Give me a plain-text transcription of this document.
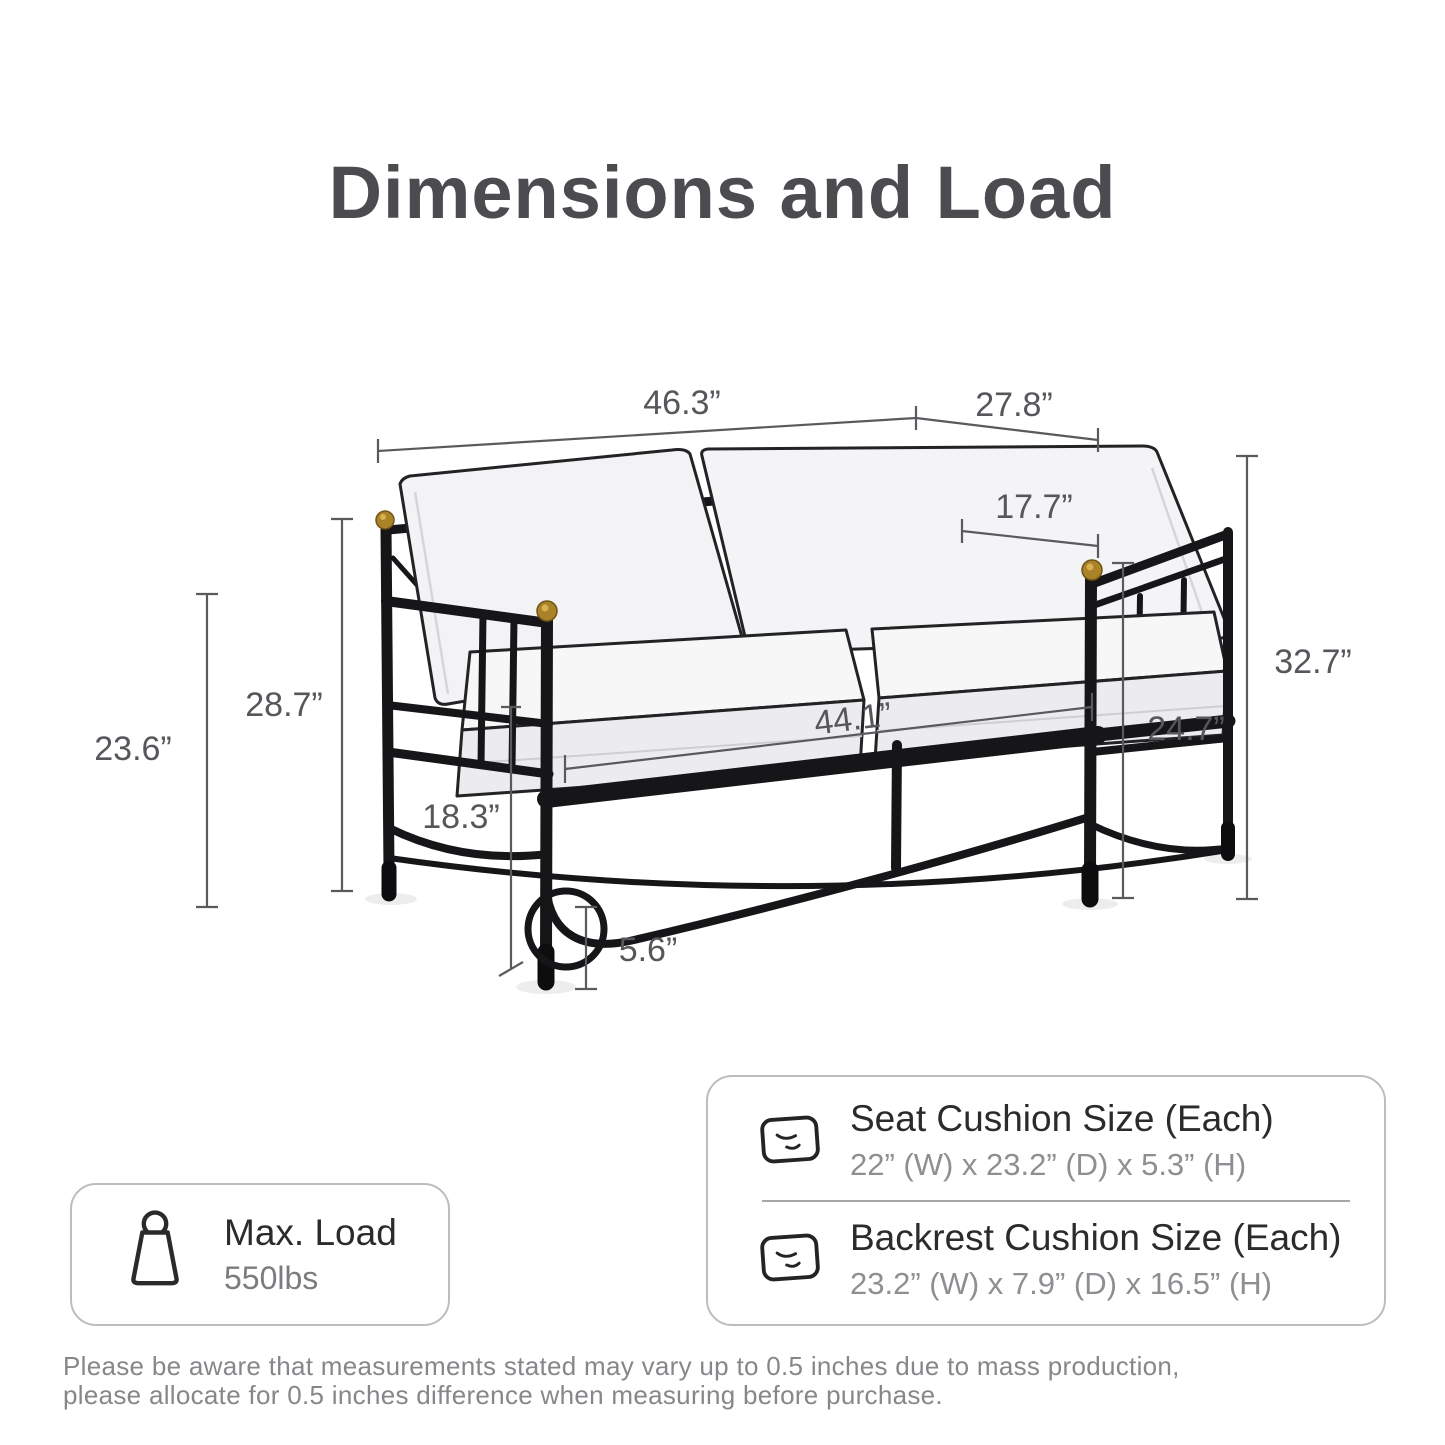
Dimensions and Load
46.3”	27.8”
17.7”
32.7”
24.7”
28.7”
23.6”
44.1”
18.3”
5.6”
Max. Load
550lbs
Seat Cushion Size (Each)
22” (W) x 23.2” (D) x 5.3” (H)
Backrest Cushion Size (Each)
23.2” (W) x 7.9” (D) x 16.5” (H)
Please be aware that measurements stated may vary up to 0.5 inches due to mass production,
please allocate for 0.5 inches difference when measuring before purchase.
